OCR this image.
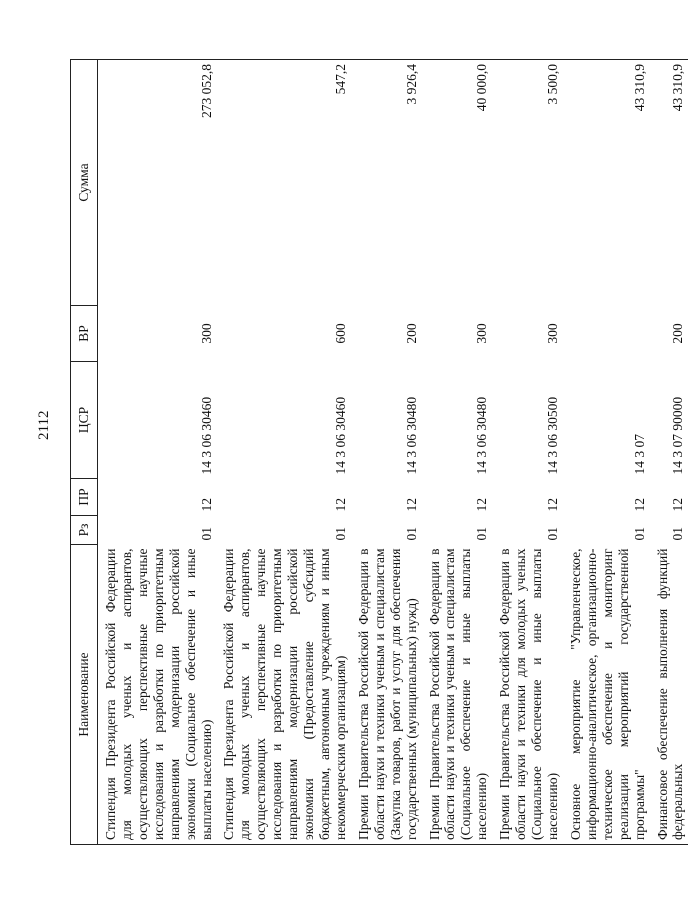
2112
Наименование	Рз	ПР	ЦСР	ВР	Сумма
Стипендия Президента Российской Федерации для молодых ученых и аспирантов, осуществляющих перспективные научные исследования и разработки по приоритетным направлениям модернизации российской экономики (Социальное обеспечение и иные выплаты населению)	01	12	14 3 06 30460	300	273 052,8
Стипендия Президента Российской Федерации для молодых ученых и аспирантов, осуществляющих перспективные научные исследования и разработки по приоритетным направлениям модернизации российской экономики (Предоставление субсидий бюджетным, автономным учреждениям и иным некоммерческим организациям)	01	12	14 3 06 30460	600	547,2
Премии Правительства Российской Федерации в области науки и техники ученым и специалистам (Закупка товаров, работ и услуг для обеспечения государственных (муниципальных) нужд)	01	12	14 3 06 30480	200	3 926,4
Премии Правительства Российской Федерации в области науки и техники ученым и специалистам (Социальное обеспечение и иные выплаты населению)	01	12	14 3 06 30480	300	40 000,0
Премии Правительства Российской Федерации в области науки и техники для молодых ученых (Социальное обеспечение и иные выплаты населению)	01	12	14 3 06 30500	300	3 500,0
Основное мероприятие "Управленческое, информационно-аналитическое, организационно-техническое обеспечение и мониторинг реализации мероприятий государственной программы"	01	12	14 3 07		43 310,9
Финансовое обеспечение выполнения функций федеральных	01	12	14 3 07 90000	200	43 310,9
